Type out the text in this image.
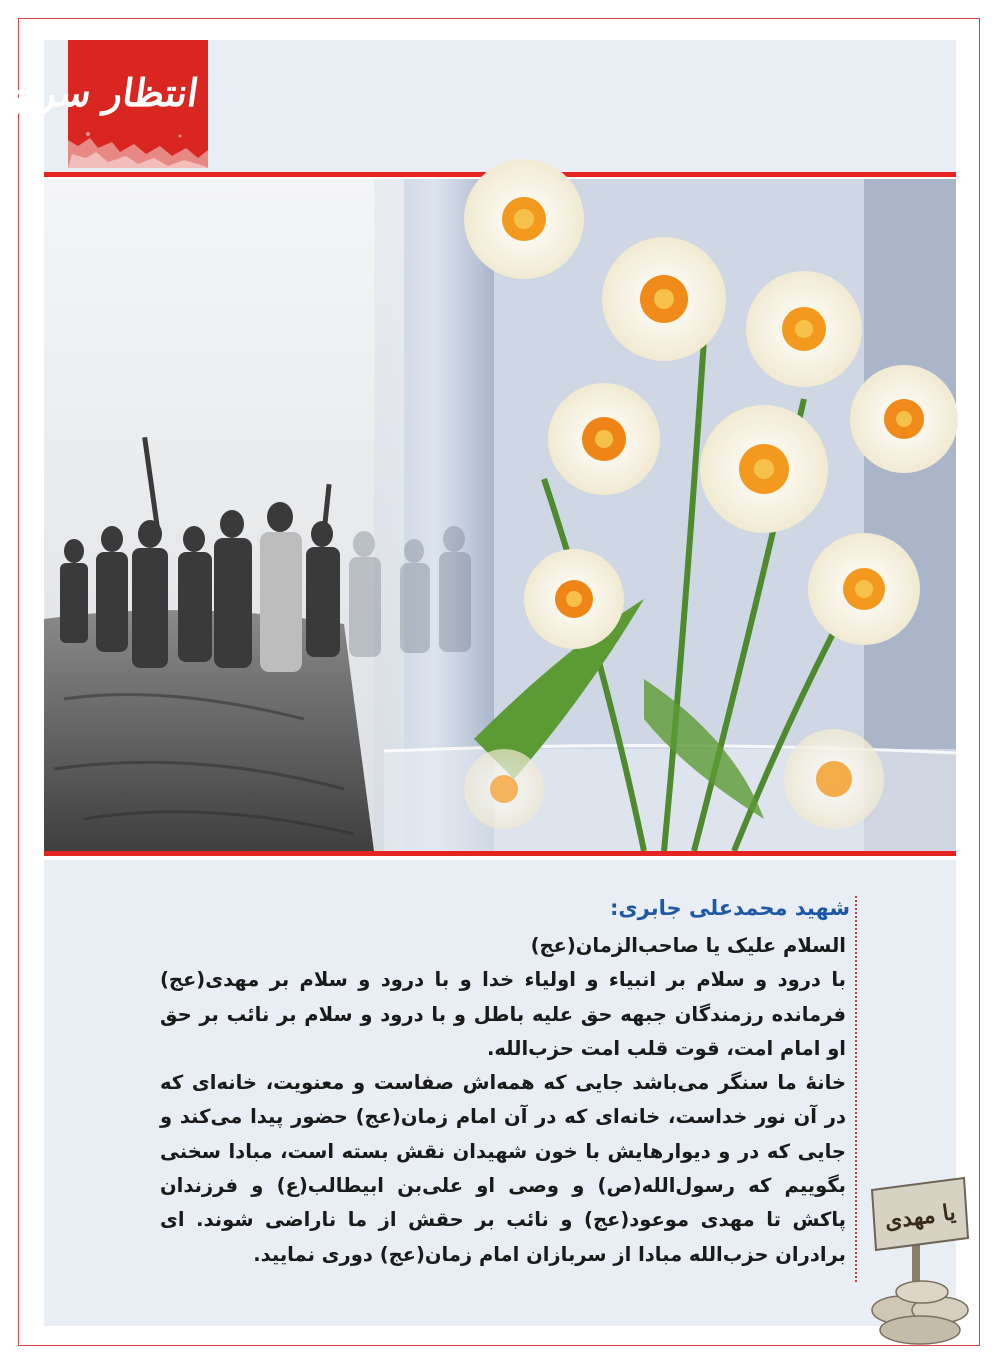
انتظار سرخ
شهید محمدعلی جابری:

السلام علیک یا صاحب‌الزمان(عج)

با درود و سلام بر انبیاء و اولیاء خدا و با درود و سلام بر مهدی(عج) فرمانده رزمندگان جبهه حق علیه باطل و با درود و سلام بر نائب بر حق او امام امت، قوت قلب امت حزب‌الله.

خانهٔ ما سنگر می‌باشد جایی که همه‌اش صفاست و معنویت، خانه‌ای که در آن نور خداست، خانه‌ای که در آن امام زمان(عج) حضور پیدا می‌کند و جایی که در و دیوارهایش با خون شهیدان نقش بسته است، مبادا سخنی بگوییم که رسول‌الله(ص) و وصی او علی‌بن ابیطالب(ع) و فرزندان پاکش تا مهدی موعود(عج) و نائب بر حقش از ما ناراضی شوند. ای برادران حزب‌الله مبادا از سربازان امام زمان(عج) دوری نمایید.

یا مهدی
